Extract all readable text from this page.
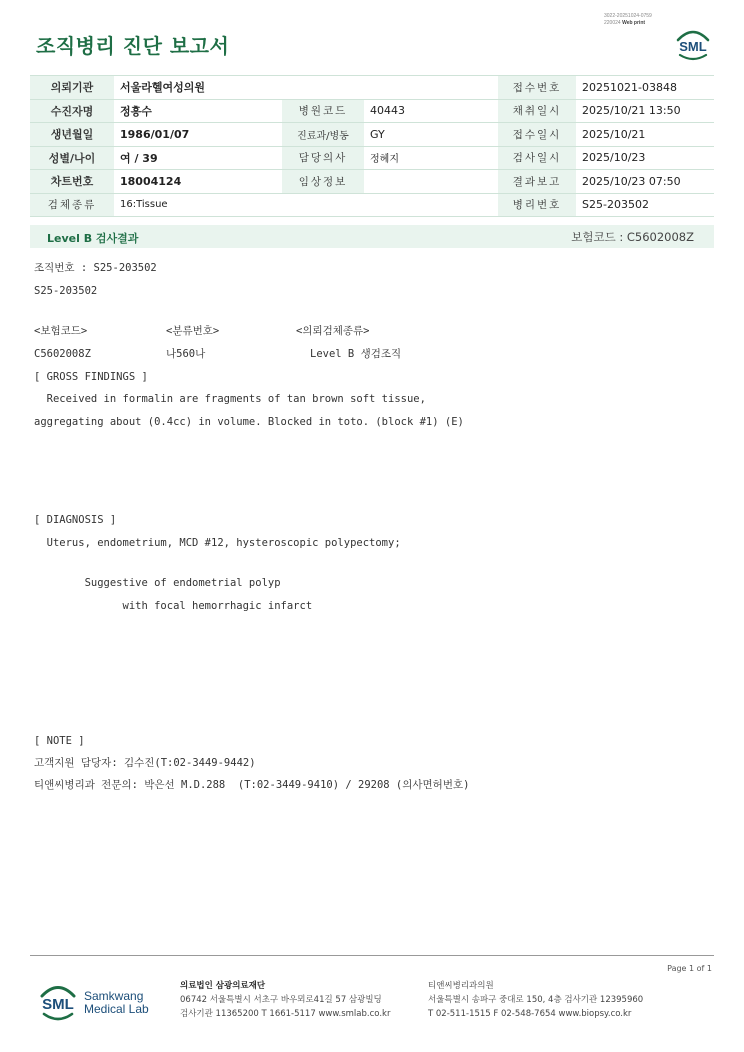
3022-20251024-0759
220024 Web print
조직병리 진단 보고서	SML
의뢰기관	서울라헬여성의원			접수번호	20251021-03848
수진자명	정흥수	병원코드	40443	채취일시	2025/10/21 13:50
생년월일	1986/01/07	진료과/병동	GY	접수일시	2025/10/21
성별/나이	여 / 39	담당의사	정혜지	검사일시	2025/10/23
차트번호	18004124	임상정보		결과보고	2025/10/23 07:50
검체종류	16:Tissue			병리번호	S25-203502
Level B 검사결과	보험코드 : C5602008Z
조직번호 : S25-203502
S25-203502
<보험코드>	<분류번호>	<의뢰검체종류>
C5602008Z	나560나	Level B 생검조직
[ GROSS FINDINGS ]
Received in formalin are fragments of tan brown soft tissue,
aggregating about (0.4cc) in volume. Blocked in toto. (block #1) (E)
[ DIAGNOSIS ]
Uterus, endometrium, MCD #12, hysteroscopic polypectomy;
Suggestive of endometrial polyp
with focal hemorrhagic infarct
[ NOTE ]
고객지원 담당자: 김수진(T:02-3449-9442)
티앤씨병리과 전문의: 박은선 M.D.288  (T:02-3449-9410) / 29208 (의사면허번호)
Page 1 of 1
SML Samkwang
Medical Lab
의료법인 삼광의료재단
06742 서울특별시 서초구 바우뫼로41길 57 삼광빌딩
검사기관 11365200 T 1661-5117 www.smlab.co.kr
티앤씨병리과의원
서울특별시 송파구 중대로 150, 4층 검사기관 12395960
T 02-511-1515 F 02-548-7654 www.biopsy.co.kr
